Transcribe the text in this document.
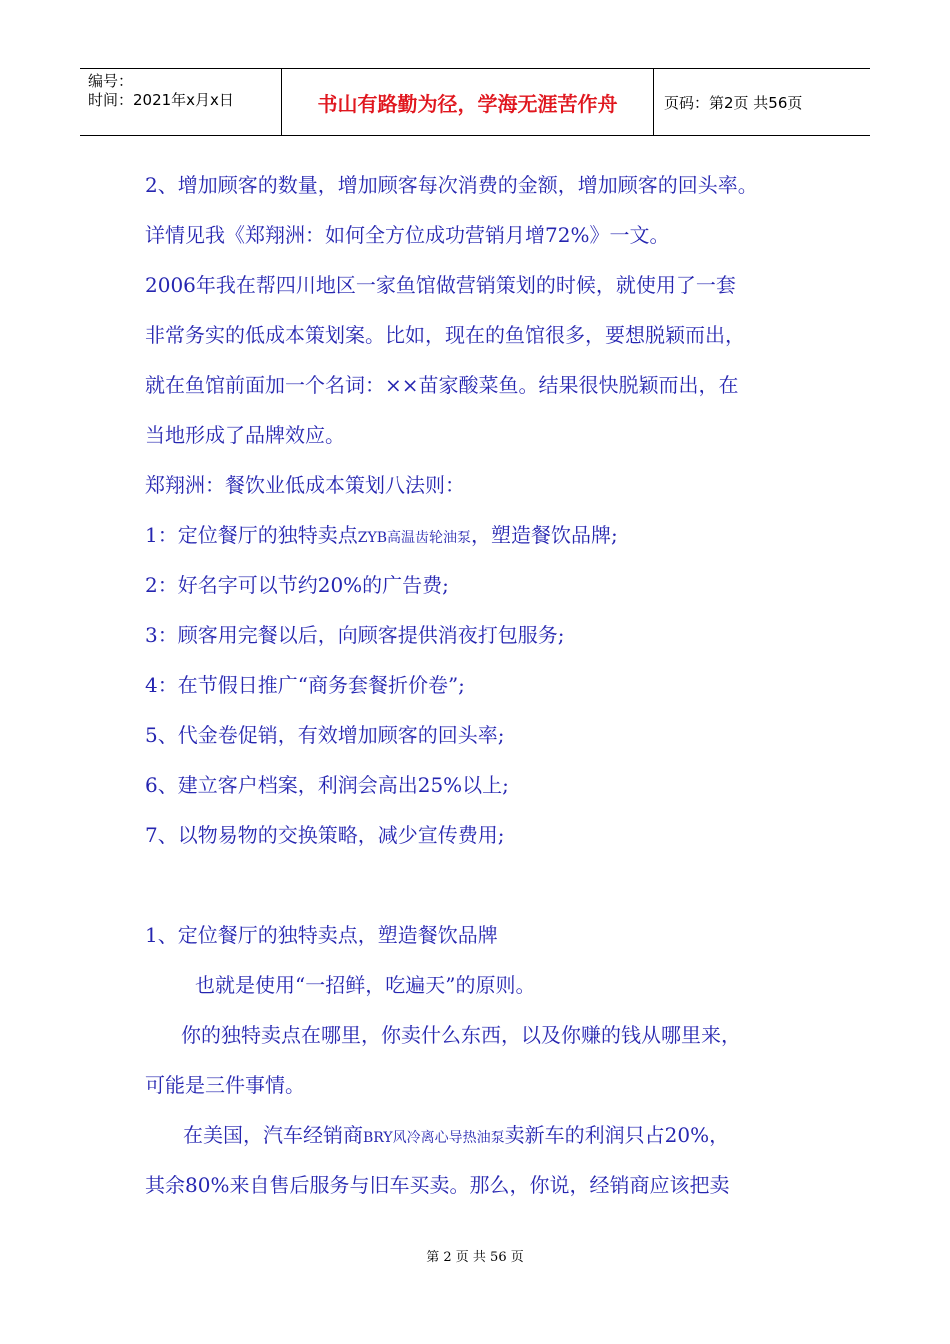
编号：
时间：2021年x月x日	书山有路勤为径，学海无涯苦作舟	页码：第2页 共56页
2、增加顾客的数量，增加顾客每次消费的金额，增加顾客的回头率。
详情见我《郑翔洲：如何全方位成功营销月增72%》一文。
2006年我在帮四川地区一家鱼馆做营销策划的时候，就使用了一套
非常务实的低成本策划案。比如，现在的鱼馆很多，要想脱颖而出，
就在鱼馆前面加一个名词：××苗家酸菜鱼。结果很快脱颖而出，在
当地形成了品牌效应。
郑翔洲：餐饮业低成本策划八法则：
1：定位餐厅的独特卖点ZYB高温齿轮油泵，塑造餐饮品牌;
2：好名字可以节约20%的广告费;
3：顾客用完餐以后，向顾客提供消夜打包服务;
4：在节假日推广“商务套餐折价卷”;
5、代金卷促销，有效增加顾客的回头率;
6、建立客户档案，利润会高出25%以上;
7、以物易物的交换策略，减少宣传费用;
1、定位餐厅的独特卖点，塑造餐饮品牌
也就是使用“一招鲜，吃遍天”的原则。
你的独特卖点在哪里，你卖什么东西，以及你赚的钱从哪里来，
可能是三件事情。
在美国，汽车经销商BRY风冷离心导热油泵卖新车的利润只占20%，
其余80%来自售后服务与旧车买卖。那么，你说，经销商应该把卖
第 2 页 共 56 页
